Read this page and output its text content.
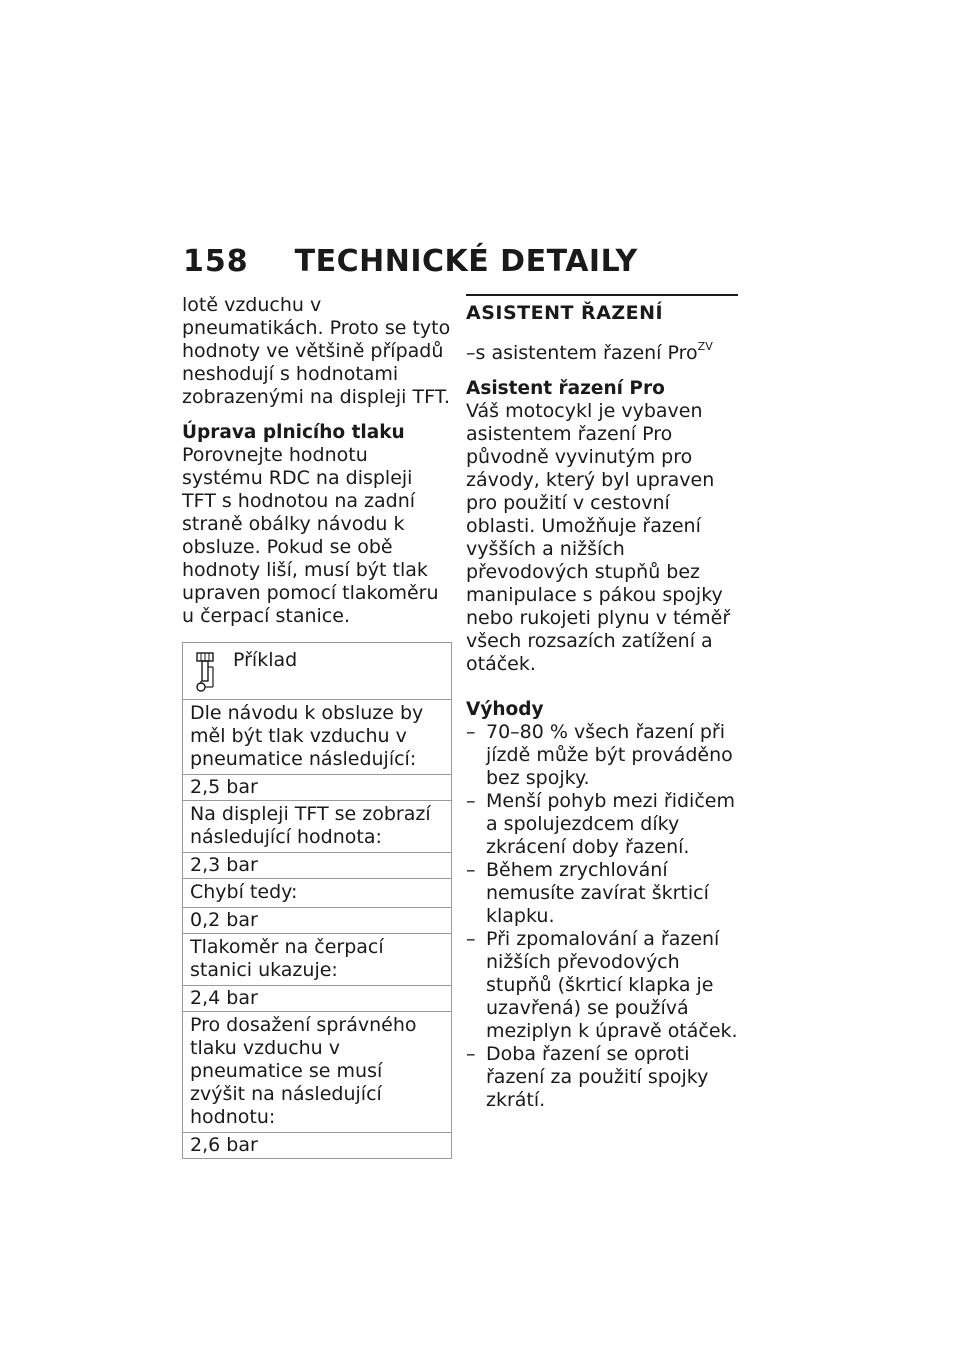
158 TECHNICKÉ DETAILY

lotě vzduchu v pneumatikách. Proto se tyto hodnoty ve většině případů neshodují s hodnotami zobrazenými na displeji TFT.

Úprava plnicího tlaku

Porovnejte hodnotu systému RDC na displeji TFT s hodnotou na zadní straně obálky návodu k obsluze. Pokud se obě hodnoty liší, musí být tlak upraven pomocí tlakoměru u čerpací stanice.

Příklad
Dle návodu k obsluze by měl být tlak vzduchu v pneumatice následující:
2,5 bar
Na displeji TFT se zobrazí následující hodnota:
2,3 bar
Chybí tedy:
0,2 bar
Tlakoměr na čerpací stanici ukazuje:
2,4 bar
Pro dosažení správného tlaku vzduchu v pneumatice se musí zvýšit na následující hodnotu:
2,6 bar

ASISTENT ŘAZENÍ

–s asistentem řazení Pro$^{ZV}$

Asistent řazení Pro

Váš motocykl je vybaven asistentem řazení Pro původně vyvinutým pro závody, který byl upraven pro použití v cestovní oblasti. Umožňuje řazení vyšších a nižších převodových stupňů bez manipulace s pákou spojky nebo rukojeti plynu v téměř všech rozsazích zatížení a otáček.

Výhody

– 70–80 % všech řazení při jízdě může být prováděno bez spojky.
– Menší pohyb mezi řidičem a spolujezdcem díky zkrácení doby řazení.
– Během zrychlování nemusíte zavírat škrticí klapku.
– Při zpomalování a řazení nižších převodových stupňů (škrticí klapka je uzavřená) se používá meziplyn k úpravě otáček.
– Doba řazení se oproti řazení za použití spojky zkrátí.
